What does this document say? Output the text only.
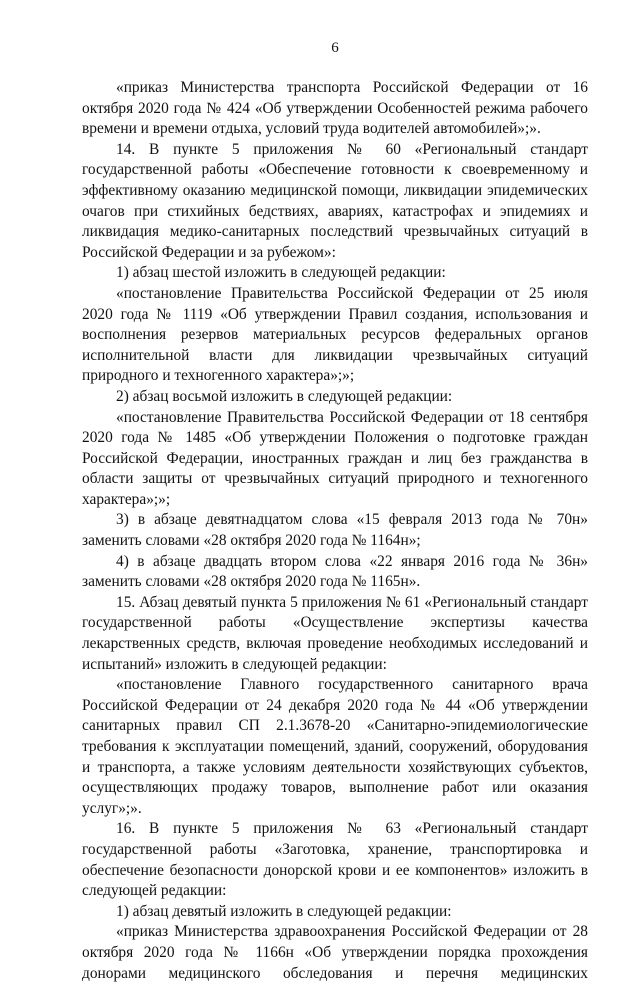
6

«приказ Министерства транспорта Российской Федерации от 16 октября 2020 года № 424 «Об утверждении Особенностей режима рабочего времени и времени отдыха, условий труда водителей автомобилей»;».

14. В пункте 5 приложения № 60 «Региональный стандарт государственной работы «Обеспечение готовности к своевременному и эффективному оказанию медицинской помощи, ликвидации эпидемических очагов при стихийных бедствиях, авариях, катастрофах и эпидемиях и ликвидация медико-санитарных последствий чрезвычайных ситуаций в Российской Федерации и за рубежом»:

1) абзац шестой изложить в следующей редакции:

«постановление Правительства Российской Федерации от 25 июля 2020 года № 1119 «Об утверждении Правил создания, использования и восполнения резервов материальных ресурсов федеральных органов исполнительной власти для ликвидации чрезвычайных ситуаций природного и техногенного характера»;»;

2) абзац восьмой изложить в следующей редакции:

«постановление Правительства Российской Федерации от 18 сентября 2020 года № 1485 «Об утверждении Положения о подготовке граждан Российской Федерации, иностранных граждан и лиц без гражданства в области защиты от чрезвычайных ситуаций природного и техногенного характера»;»;

3) в абзаце девятнадцатом слова «15 февраля 2013 года № 70н» заменить словами «28 октября 2020 года № 1164н»;

4) в абзаце двадцать втором слова «22 января 2016 года № 36н» заменить словами «28 октября 2020 года № 1165н».

15. Абзац девятый пункта 5 приложения № 61 «Региональный стандарт государственной работы «Осуществление экспертизы качества лекарственных средств, включая проведение необходимых исследований и испытаний» изложить в следующей редакции:

«постановление Главного государственного санитарного врача Российской Федерации от 24 декабря 2020 года № 44 «Об утверждении санитарных правил СП 2.1.3678-20 «Санитарно-эпидемиологические требования к эксплуатации помещений, зданий, сооружений, оборудования и транспорта, а также условиям деятельности хозяйствующих субъектов, осуществляющих продажу товаров, выполнение работ или оказания услуг»;».

16. В пункте 5 приложения № 63 «Региональный стандарт государственной работы «Заготовка, хранение, транспортировка и обеспечение безопасности донорской крови и ее компонентов» изложить в следующей редакции:

1) абзац девятый изложить в следующей редакции:

«приказ Министерства здравоохранения Российской Федерации от 28 октября 2020 года № 1166н «Об утверждении порядка прохождения донорами медицинского обследования и перечня медицинских
